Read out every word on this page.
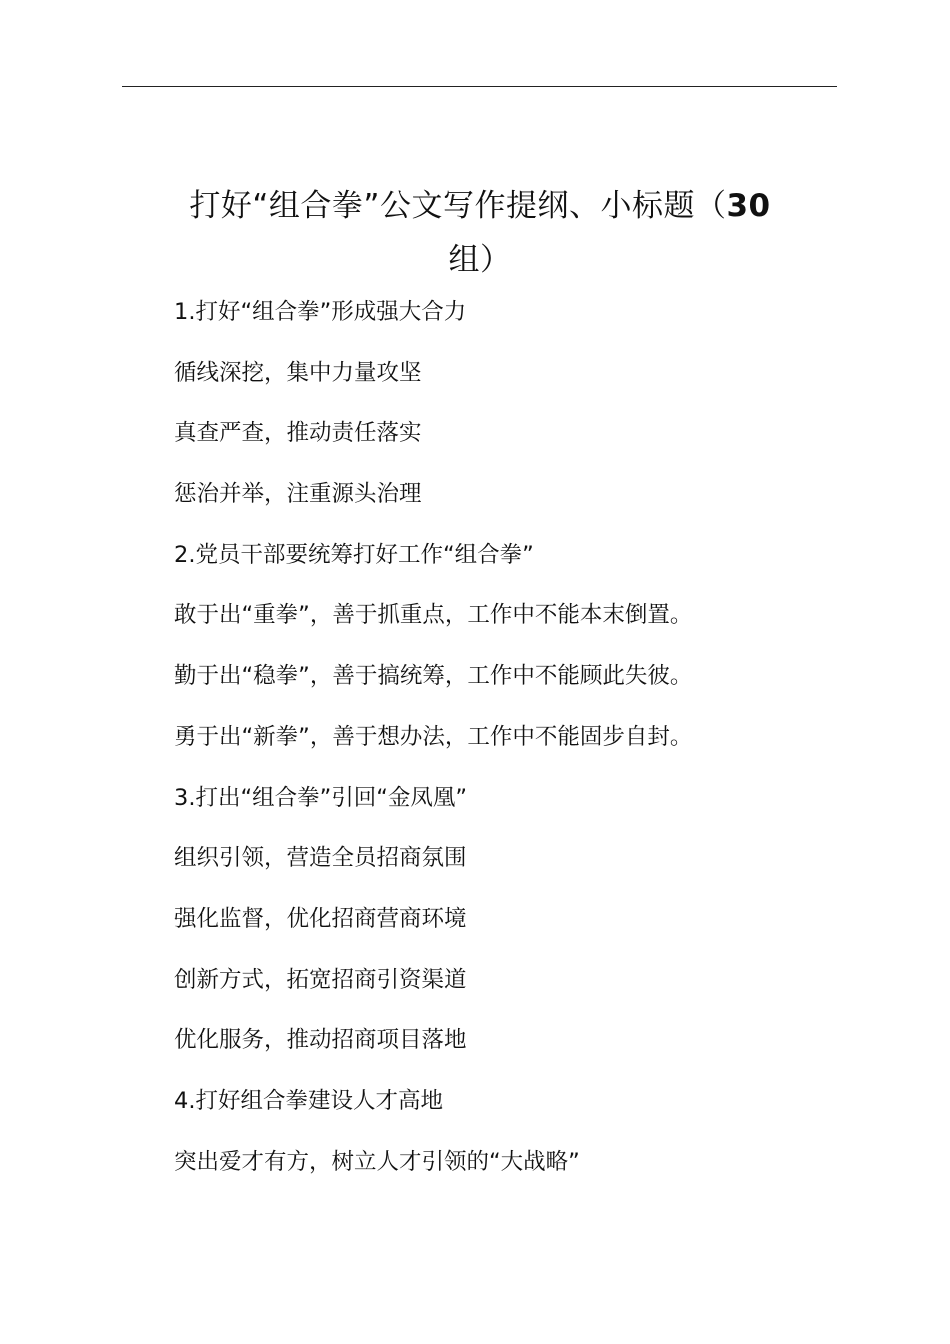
打好“组合拳”公文写作提纲、小标题（30
组）
1.打好“组合拳”形成强大合力
循线深挖，集中力量攻坚
真查严查，推动责任落实
惩治并举，注重源头治理
2.党员干部要统筹打好工作“组合拳”
敢于出“重拳”，善于抓重点，工作中不能本末倒置。
勤于出“稳拳”，善于搞统筹，工作中不能顾此失彼。
勇于出“新拳”，善于想办法，工作中不能固步自封。
3.打出“组合拳”引回“金凤凰”
组织引领，营造全员招商氛围
强化监督，优化招商营商环境
创新方式，拓宽招商引资渠道
优化服务，推动招商项目落地
4.打好组合拳建设人才高地
突出爱才有方，树立人才引领的“大战略”
